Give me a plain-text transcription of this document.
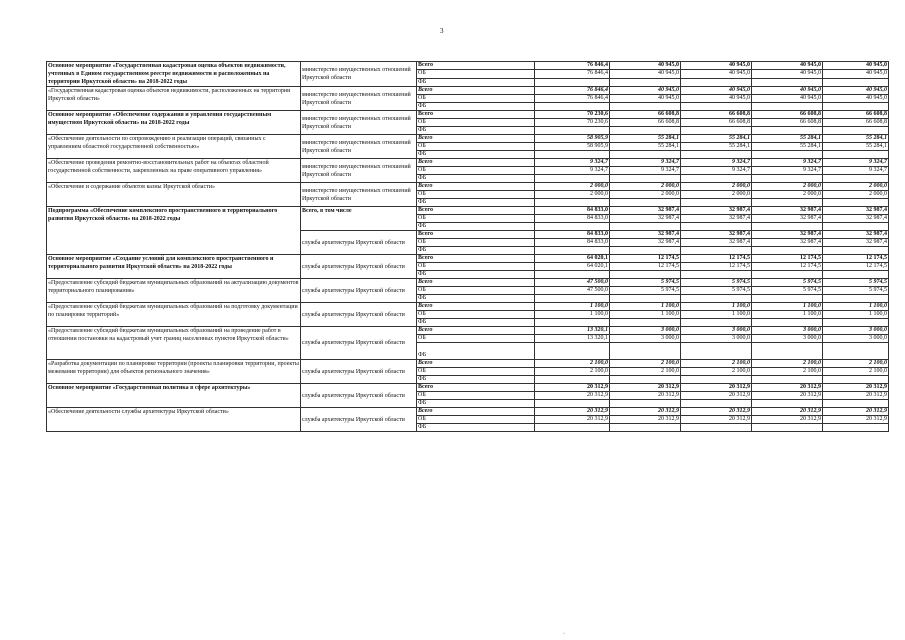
3
Основное мероприятие «Государственная кадастровая оценка объектов недвижимости, учтенных в Едином государственном реестре недвижимости и расположенных на территории Иркутской области» на 2018-2022 годы	министерство имущественных отношений Иркутской области	Всего	76 846,4	40 945,0	40 945,0	40 945,0	40 945,0
		ОБ	76 846,4	40 945,0	40 945,0	40 945,0	40 945,0
		ФБ					
«Государственная кадастровая оценка объектов недвижимости, расположенных на территории Иркутской области»	министерство имущественных отношений Иркутской области	Всего	76 846,4	40 945,0	40 945,0	40 945,0	40 945,0
		ОБ	76 846,4	40 945,0	40 945,0	40 945,0	40 945,0
		ФБ					
Основное мероприятие «Обеспечение содержания и управления государственным имуществом Иркутской области» на 2018-2022 годы	министерство имущественных отношений Иркутской области	Всего	70 230,6	66 608,8	66 608,8	66 608,8	66 608,8
		ОБ	70 230,6	66 608,8	66 608,8	66 608,8	66 608,8
		ФБ					
«Обеспечение деятельности по сопровождению и реализации операций, связанных с управлением областной государственной собственностью»	министерство имущественных отношений Иркутской области	Всего	58 905,9	55 284,1	55 284,1	55 284,1	55 284,1
		ОБ	58 905,9	55 284,1	55 284,1	55 284,1	55 284,1
		ФБ					
«Обеспечение проведения ремонтно-восстановительных работ на объектах областной государственной собственности, закрепленных на праве оперативного управления»	министерство имущественных отношений Иркутской области	Всего	9 324,7	9 324,7	9 324,7	9 324,7	9 324,7
		ОБ	9 324,7	9 324,7	9 324,7	9 324,7	9 324,7
		ФБ					
«Обеспечение и содержание объектов казны Иркутской области»	министерство имущественных отношений Иркутской области	Всего	2 000,0	2 000,0	2 000,0	2 000,0	2 000,0
		ОБ	2 000,0	2 000,0	2 000,0	2 000,0	2 000,0
		ФБ					
Подпрограмма «Обеспечение комплексного пространственного и территориального развития Иркутской области» на 2018-2022 годы	Всего, в том числе	Всего	84 833,0	32 987,4	32 987,4	32 987,4	32 987,4
		ОБ	84 833,0	32 987,4	32 987,4	32 987,4	32 987,4
		ФБ					
	служба архитектуры Иркутской области	Всего	84 833,0	32 987,4	32 987,4	32 987,4	32 987,4
		ОБ	84 833,0	32 987,4	32 987,4	32 987,4	32 987,4
		ФБ					
Основное мероприятие «Создание условий для комплексного пространственного и территориального развития Иркутской области» на 2018-2022 годы	служба архитектуры Иркутской области	Всего	64 020,1	12 174,5	12 174,5	12 174,5	12 174,5
		ОБ	64 020,1	12 174,5	12 174,5	12 174,5	12 174,5
		ФБ					
«Предоставление субсидий бюджетам муниципальных образований на актуализацию документов территориального планирования»	служба архитектуры Иркутской области	Всего	47 500,0	5 974,5	5 974,5	5 974,5	5 974,5
		ОБ	47 500,0	5 974,5	5 974,5	5 974,5	5 974,5
		ФБ					
«Предоставление субсидий бюджетам муниципальных образований на подготовку документации по планировке территорий»	служба архитектуры Иркутской области	Всего	1 100,0	1 100,0	1 100,0	1 100,0	1 100,0
		ОБ	1 100,0	1 100,0	1 100,0	1 100,0	1 100,0
		ФБ					
«Предоставление субсидий бюджетам муниципальных образований на проведение работ в отношении постановки на кадастровый учет границ населенных пунктов Иркутской области»	служба архитектуры Иркутской области	Всего	13 320,1	3 000,0	3 000,0	3 000,0	3 000,0
		ОБ	13 320,1	3 000,0	3 000,0	3 000,0	3 000,0
		ФБ					
«Разработка документации по планировке территории (проекты планировки территории, проекты межевания территории) для объектов регионального значения»	служба архитектуры Иркутской области	Всего	2 100,0	2 100,0	2 100,0	2 100,0	2 100,0
		ОБ	2 100,0	2 100,0	2 100,0	2 100,0	2 100,0
		ФБ					
Основное мероприятие «Государственная политика в сфере архитектуры»	служба архитектуры Иркутской области	Всего	20 312,9	20 312,9	20 312,9	20 312,9	20 312,9
		ОБ	20 312,9	20 312,9	20 312,9	20 312,9	20 312,9
		ФБ					
«Обеспечение деятельности службы архитектуры Иркутской области»	служба архитектуры Иркутской области	Всего	20 312,9	20 312,9	20 312,9	20 312,9	20 312,9
		ОБ	20 312,9	20 312,9	20 312,9	20 312,9	20 312,9
		ФБ					
·
